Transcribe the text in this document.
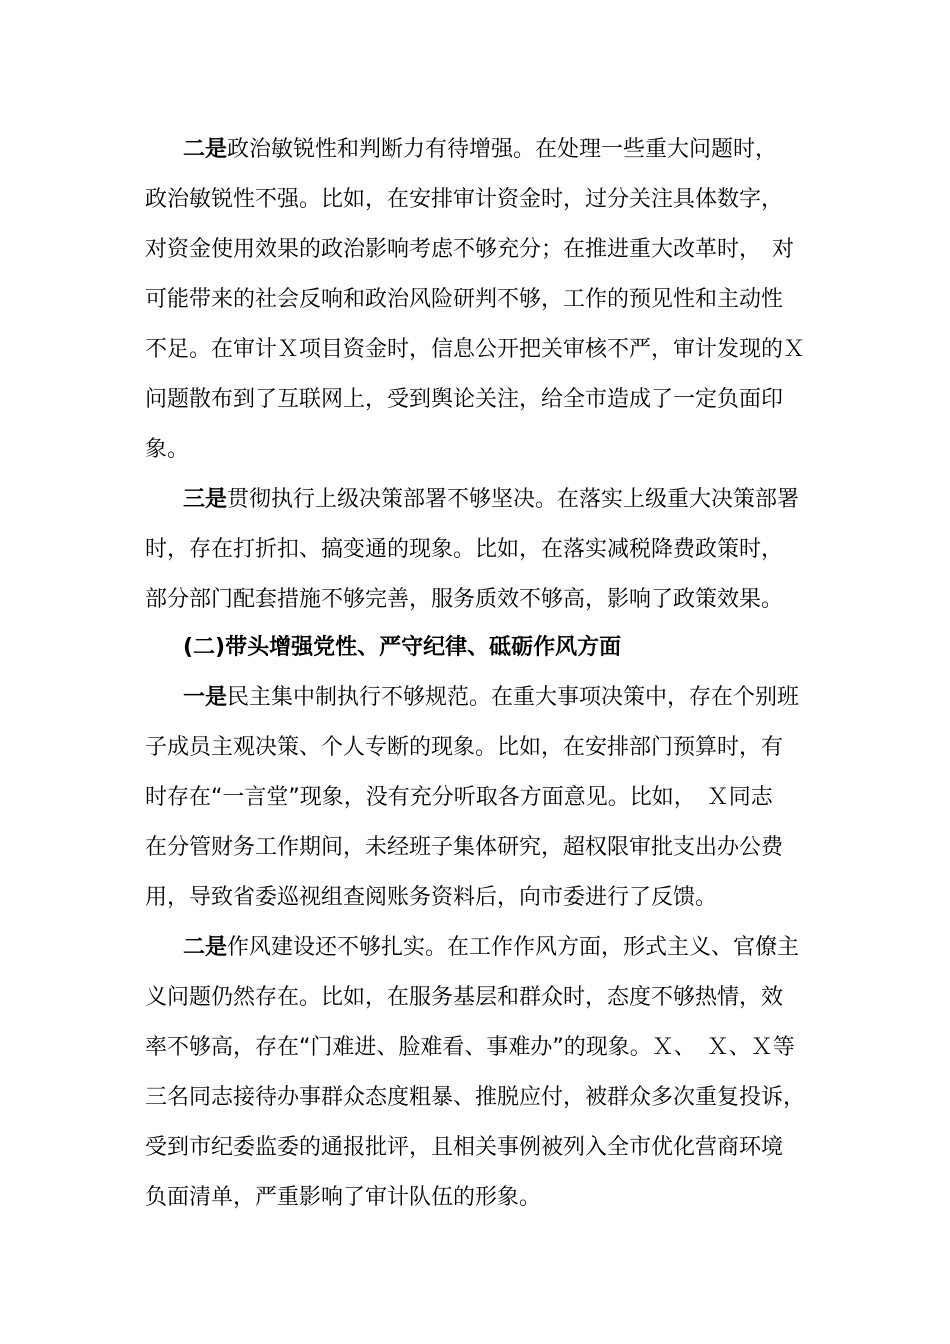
二是政治敏锐性和判断力有待增强。在处理一些重大问题时，
政治敏锐性不强。比如，在安排审计资金时，过分关注具体数字，
对资金使用效果的政治影响考虑不够充分；在推进重大改革时，　对
可能带来的社会反响和政治风险研判不够，工作的预见性和主动性
不足。在审计Ｘ项目资金时，信息公开把关审核不严，审计发现的Ｘ
问题散布到了互联网上，受到舆论关注，给全市造成了一定负面印
象。
三是贯彻执行上级决策部署不够坚决。在落实上级重大决策部署
时，存在打折扣、搞变通的现象。比如，在落实减税降费政策时，
部分部门配套措施不够完善，服务质效不够高，影响了政策效果。
(二)带头增强党性、严守纪律、砥砺作风方面
一是民主集中制执行不够规范。在重大事项决策中，存在个别班
子成员主观决策、个人专断的现象。比如，在安排部门预算时，有
时存在“一言堂”现象，没有充分听取各方面意见。比如，　Ｘ同志
在分管财务工作期间，未经班子集体研究，超权限审批支出办公费
用，导致省委巡视组查阅账务资料后，向市委进行了反馈。
二是作风建设还不够扎实。在工作作风方面，形式主义、官僚主
义问题仍然存在。比如，在服务基层和群众时，态度不够热情，效
率不够高，存在“门难进、脸难看、事难办”的现象。Ｘ、　Ｘ、Ｘ等
三名同志接待办事群众态度粗暴、推脱应付，被群众多次重复投诉，
受到市纪委监委的通报批评，且相关事例被列入全市优化营商环境
负面清单，严重影响了审计队伍的形象。
